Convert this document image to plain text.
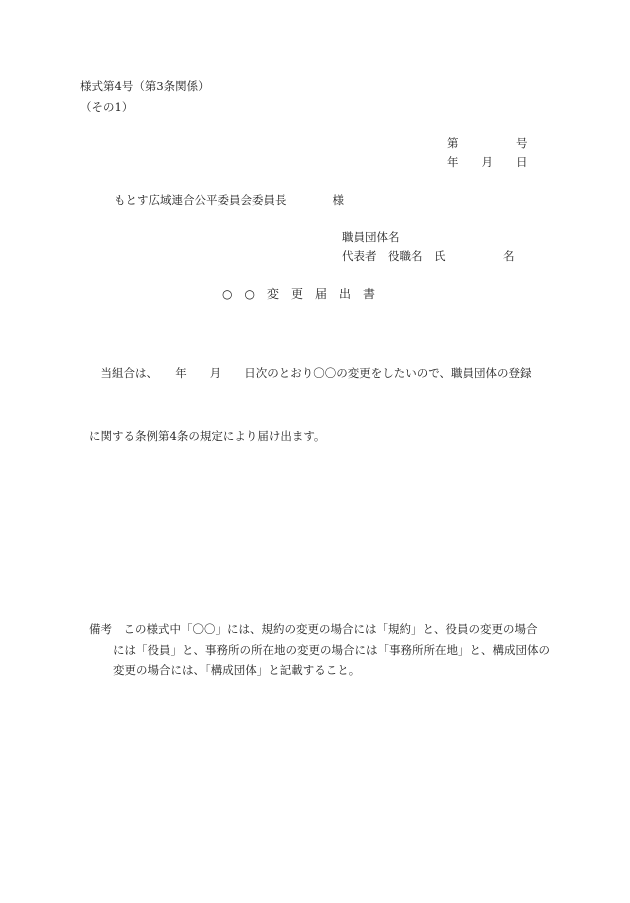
様式第4号（第3条関係）
（その1）
第　　　　　号
年　　月　　日
もとす広域連合公平委員会委員長　　　　様
職員団体名
代表者　役職名　氏　　　　　名
○　○　変　更　届　出　書

　当組合は、　　年　　月　　日次のとおり〇〇の変更をしたいので、職員団体の登録

に関する条例第4条の規定により届け出ます。

備考　この様式中「〇〇」には、規約の変更の場合には「規約」と、役員の変更の場合
には「役員」と、事務所の所在地の変更の場合には「事務所所在地」と、構成団体の
変更の場合には、「構成団体」と記載すること。
